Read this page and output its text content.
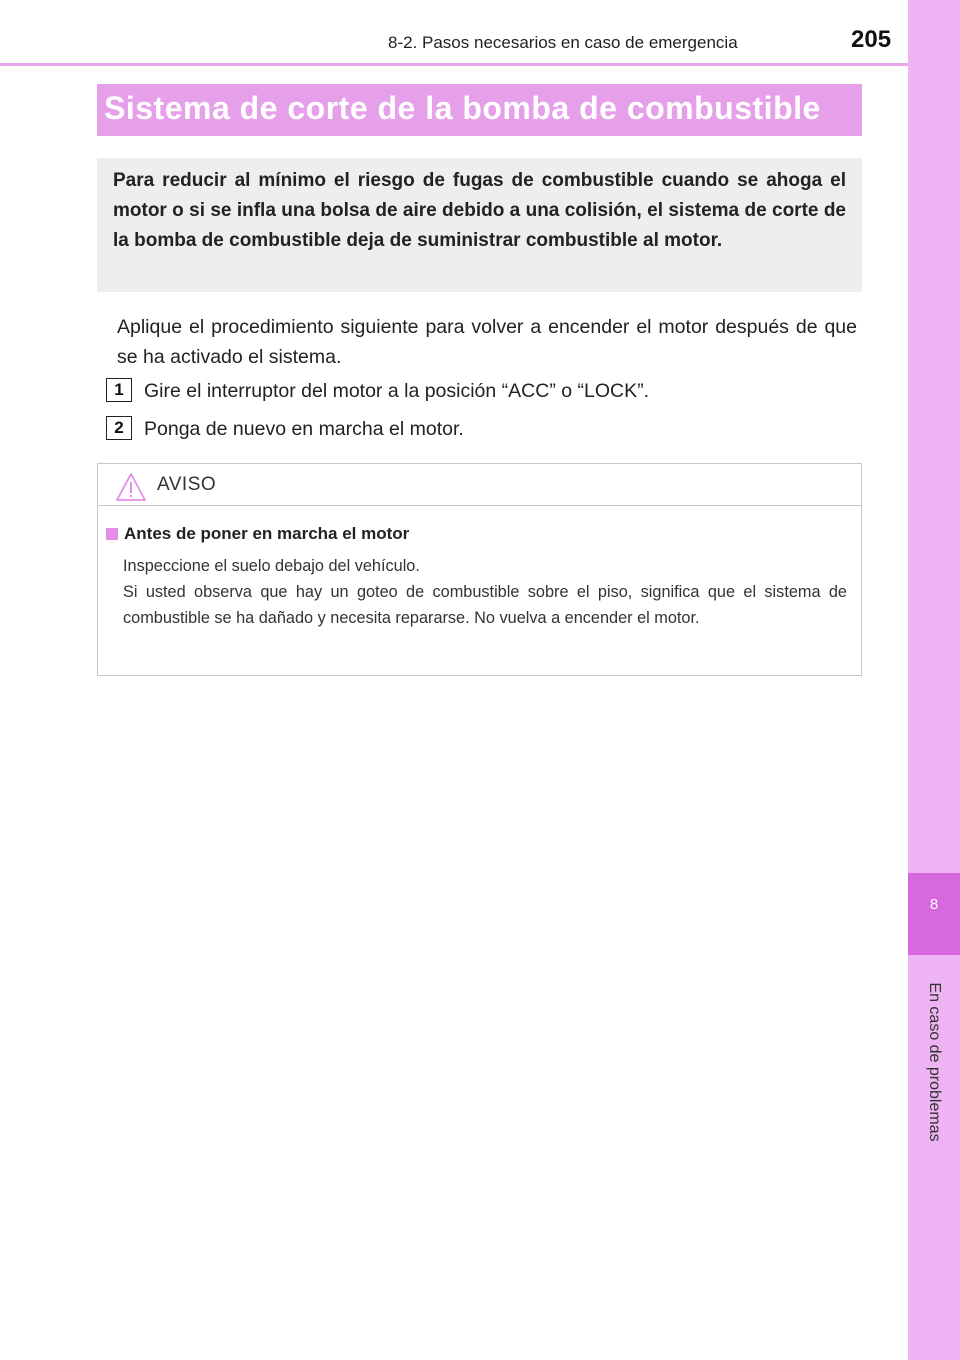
8-2. Pasos necesarios en caso de emergencia	205
8
En caso de problemas
Sistema de corte de la bomba de combustible
Para reducir al mínimo el riesgo de fugas de combustible cuando se ahoga el motor o si se infla una bolsa de aire debido a una colisión, el sistema de corte de la bomba de combustible deja de suministrar combustible al motor.
Aplique el procedimiento siguiente para volver a encender el motor después de que se ha activado el sistema.
1	Gire el interruptor del motor a la posición “ACC” o “LOCK”.
2	Ponga de nuevo en marcha el motor.
AVISO
Antes de poner en marcha el motor

Inspeccione el suelo debajo del vehículo.

Si usted observa que hay un goteo de combustible sobre el piso, significa que el sistema de combustible se ha dañado y necesita repararse. No vuelva a encender el motor.
